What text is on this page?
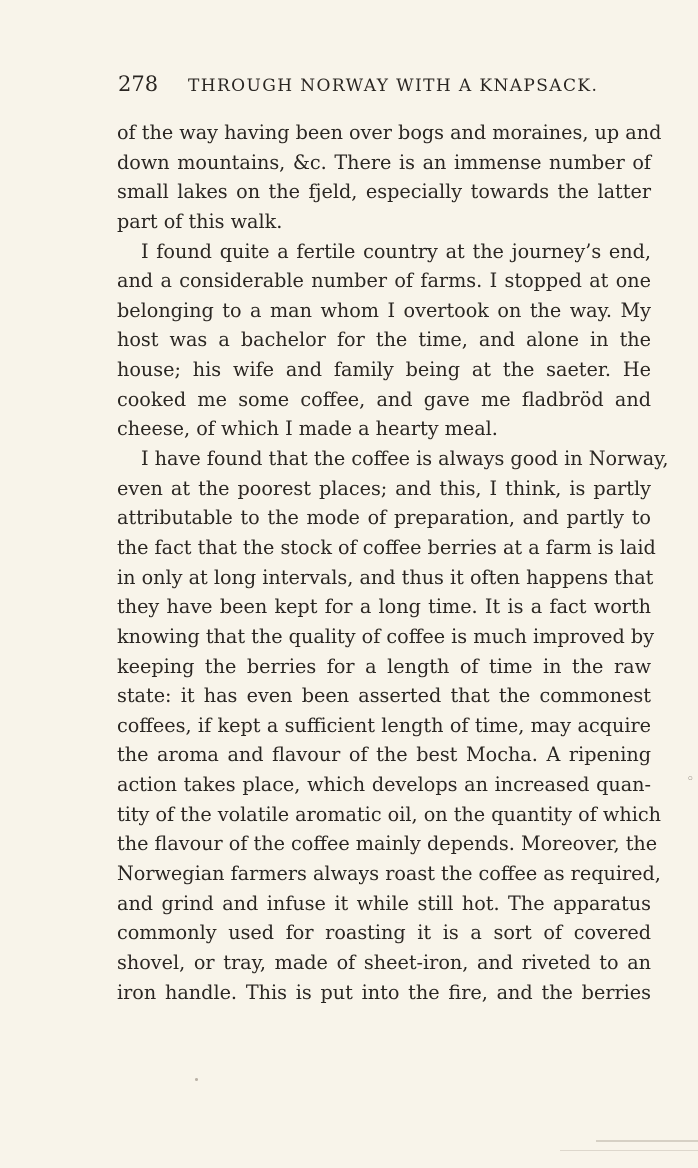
278 THROUGH NORWAY WITH A KNAPSACK.
of the way having been over bogs and moraines, up and
down mountains, &c. There is an immense number of
small lakes on the fjeld, especially towards the latter
part of this walk.
I found quite a fertile country at the journey’s end,
and a considerable number of farms. I stopped at one
belonging to a man whom I overtook on the way. My
host was a bachelor for the time, and alone in the
house; his wife and family being at the saeter. He
cooked me some coffee, and gave me fladbröd and
cheese, of which I made a hearty meal.
I have found that the coffee is always good in Norway,
even at the poorest places; and this, I think, is partly
attributable to the mode of preparation, and partly to
the fact that the stock of coffee berries at a farm is laid
in only at long intervals, and thus it often happens that
they have been kept for a long time. It is a fact worth
knowing that the quality of coffee is much improved by
keeping the berries for a length of time in the raw
state: it has even been asserted that the commonest
coffees, if kept a sufficient length of time, may acquire
the aroma and flavour of the best Mocha. A ripening
action takes place, which develops an increased quan-
tity of the volatile aromatic oil, on the quantity of which
the flavour of the coffee mainly depends. Moreover, the
Norwegian farmers always roast the coffee as required,
and grind and infuse it while still hot. The apparatus
commonly used for roasting it is a sort of covered
shovel, or tray, made of sheet-iron, and riveted to an
iron handle. This is put into the fire, and the berries
◦
